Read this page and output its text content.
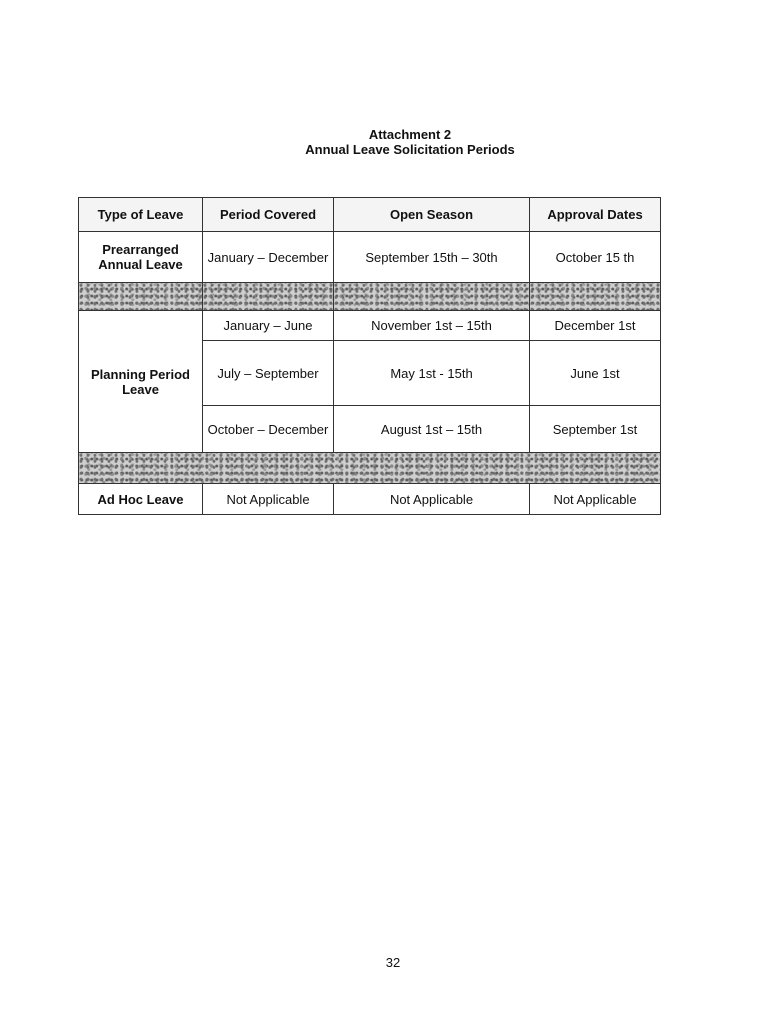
Attachment 2
Annual Leave Solicitation Periods
Type of Leave	Period Covered	Open Season	Approval Dates
Prearranged Annual Leave	January – December	September 15th – 30th	October 15 th

Planning Period Leave	January – June	November 1st – 15th	December 1st
	July – September	May 1st - 15th	June 1st
	October – December	August 1st – 15th	September 1st

Ad Hoc Leave	Not Applicable	Not Applicable	Not Applicable
32
